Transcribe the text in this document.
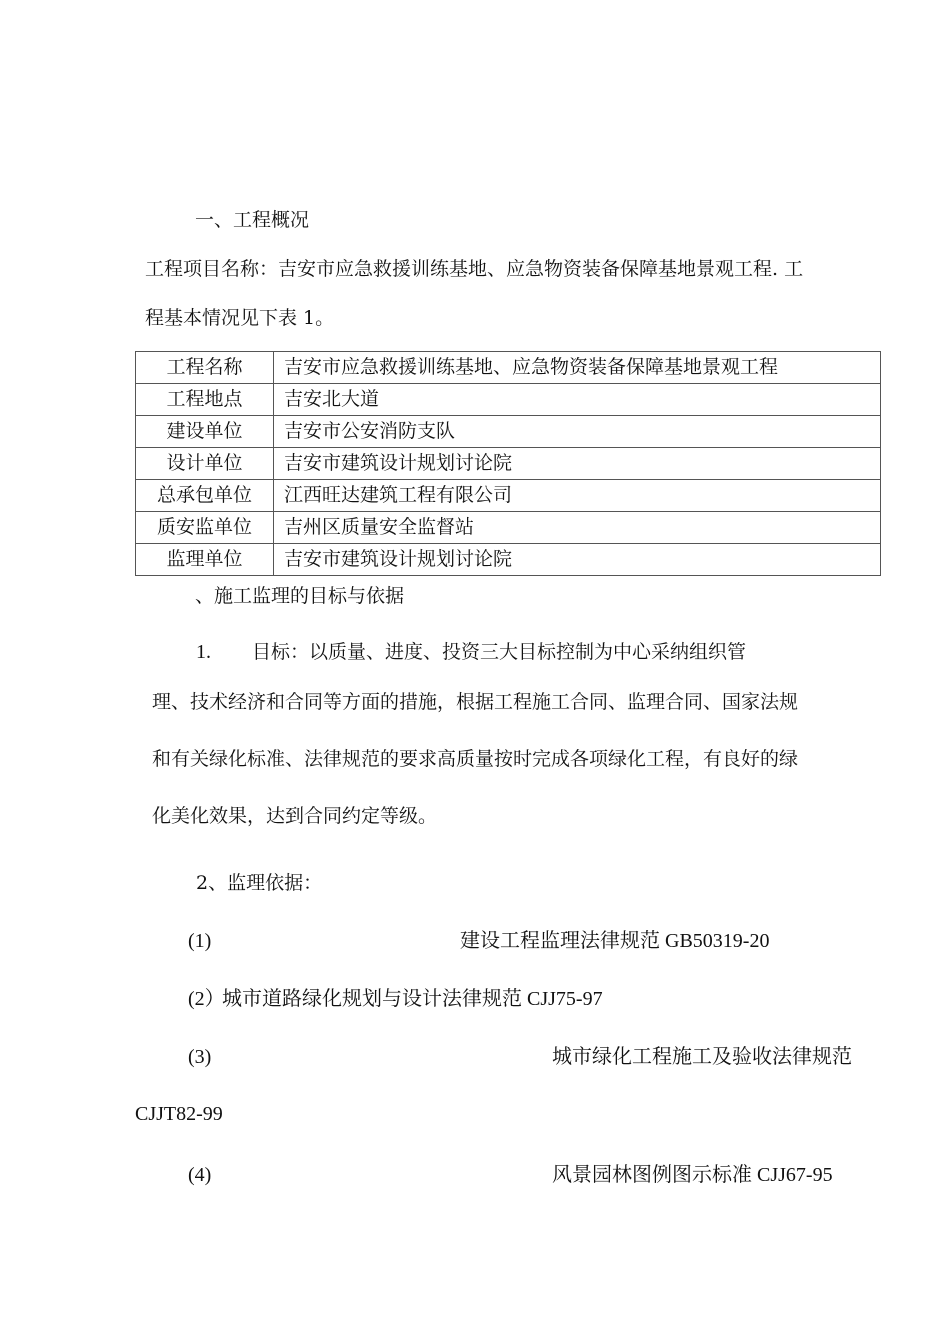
一、工程概况
工程项目名称：吉安市应急救援训练基地、应急物资装备保障基地景观工程. 工
程基本情况见下表 1。
工程名称	吉安市应急救援训练基地、应急物资装备保障基地景观工程
工程地点	吉安北大道
建设单位	吉安市公安消防支队
设计单位	吉安市建筑设计规划讨论院
总承包单位	江西旺达建筑工程有限公司
质安监单位	吉州区质量安全监督站
监理单位	吉安市建筑设计规划讨论院
、施工监理的目标与依据
1. 目标：以质量、进度、投资三大目标控制为中心采纳组织管
理、技术经济和合同等方面的措施，根据工程施工合同、监理合同、国家法规
和有关绿化标准、法律规范的要求高质量按时完成各项绿化工程，有良好的绿
化美化效果，达到合同约定等级。
2、监理依据：
(1)	建设工程监理法律规范 GB50319-20
(2）
城市道路绿化规划与设计法律规范 CJJ75-97
(3)	城市绿化工程施工及验收法律规范
CJJT82-99
(4)	风景园林图例图示标准 CJJ67-95
